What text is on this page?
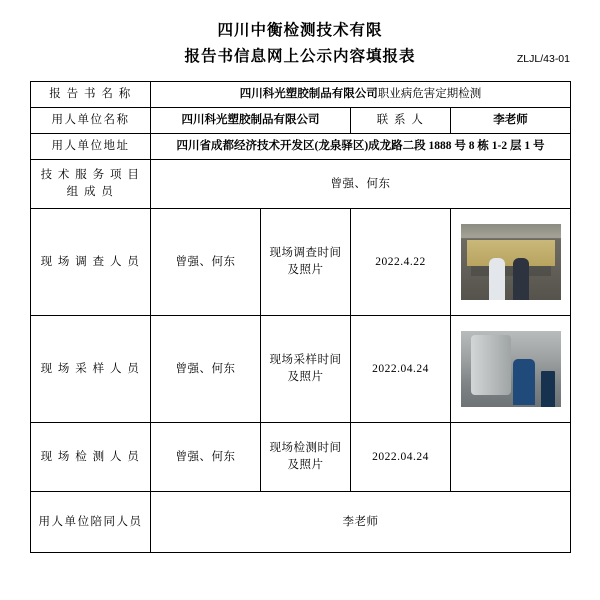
四川中衡检测技术有限
报告书信息网上公示内容填报表	ZLJL/43-01
报 告 书 名 称	四川科光塑胶制品有限公司职业病危害定期检测			
用人单位名称	四川科光塑胶制品有限公司		联 系 人	李老师
用人单位地址	四川省成都经济技术开发区(龙泉驿区)成龙路二段 1888 号 8 栋 1-2 层 1 号			
技 术 服 务 项 目 组 成 员	曾强、何东			
现 场 调 查 人 员	曾强、何东	现场调查时间及照片	2022.4.22	

现 场 采 样 人 员	曾强、何东	现场采样时间及照片	2022.04.24	

现 场 检 测 人 员	曾强、何东	现场检测时间及照片	2022.04.24	
用人单位陪同人员	李老师			
